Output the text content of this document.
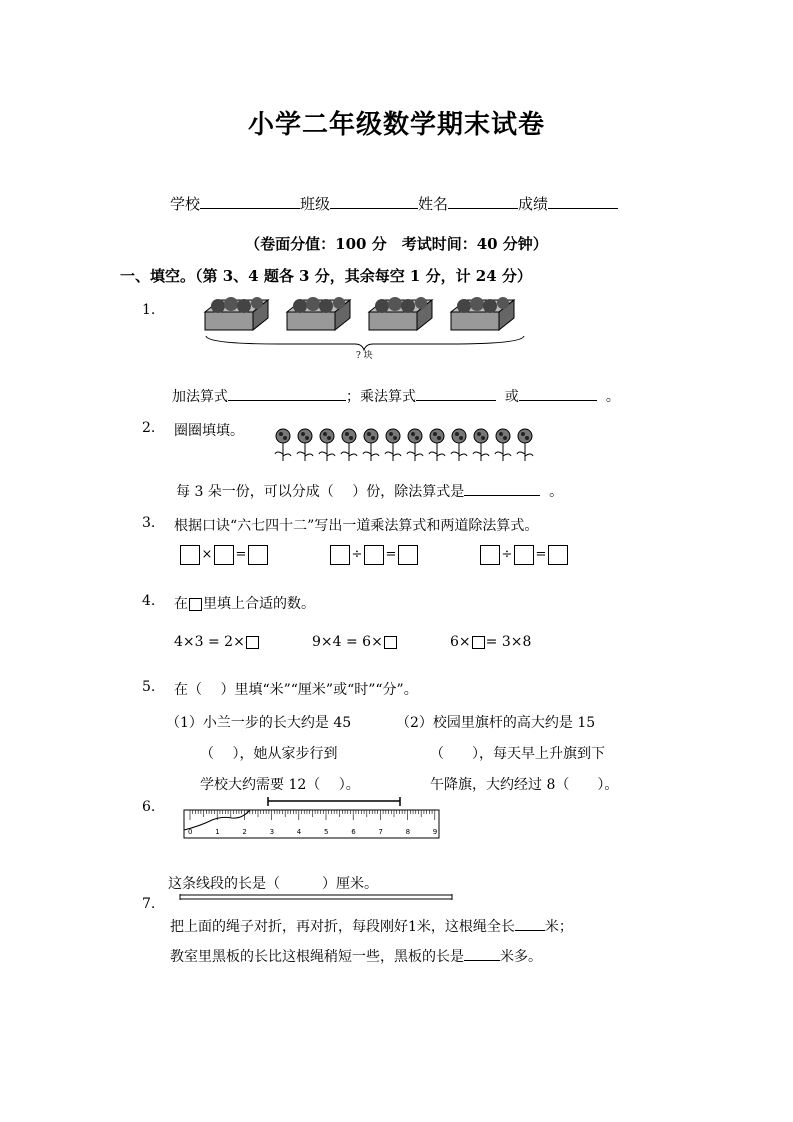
小学二年级数学期末试卷
学校	班级	姓名	成绩
（卷面分值：100 分　考试时间：40 分钟）
一、填空。（第 3、4 题各 3 分，其余每空 1 分，计 24 分）
1.
? 块
加法算式	；乘法算式	或	。
2. 圈圈填填。
每 3 朵一份，可以分成（　 ）份，除法算式是	。
3. 根据口诀“六七四十二”写出一道乘法算式和两道除法算式。
× =	÷ =	÷ =
4. 在 里填上合适的数。
4×3 = 2×	9×4 = 6×	6× = 3×8
5. 在（　 ）里填“米”“厘米”或“时”“分”。
（1）小兰一步的长大约是 45
（　 ），她从家步行到
学校大约需要 12（　 ）。
（2）校园里旗杆的高大约是 15
（　　），每天早上升旗到下
午降旗，大约经过 8（　　）。
6.
0	1	2	3	4	5	6	7	8	9
这条线段的长是（　　　）厘米。
7.
把上面的绳子对折，再对折，每段刚好1米，这根绳全长 米；
教室里黑板的长比这根绳稍短一些，黑板的长是	米多。
